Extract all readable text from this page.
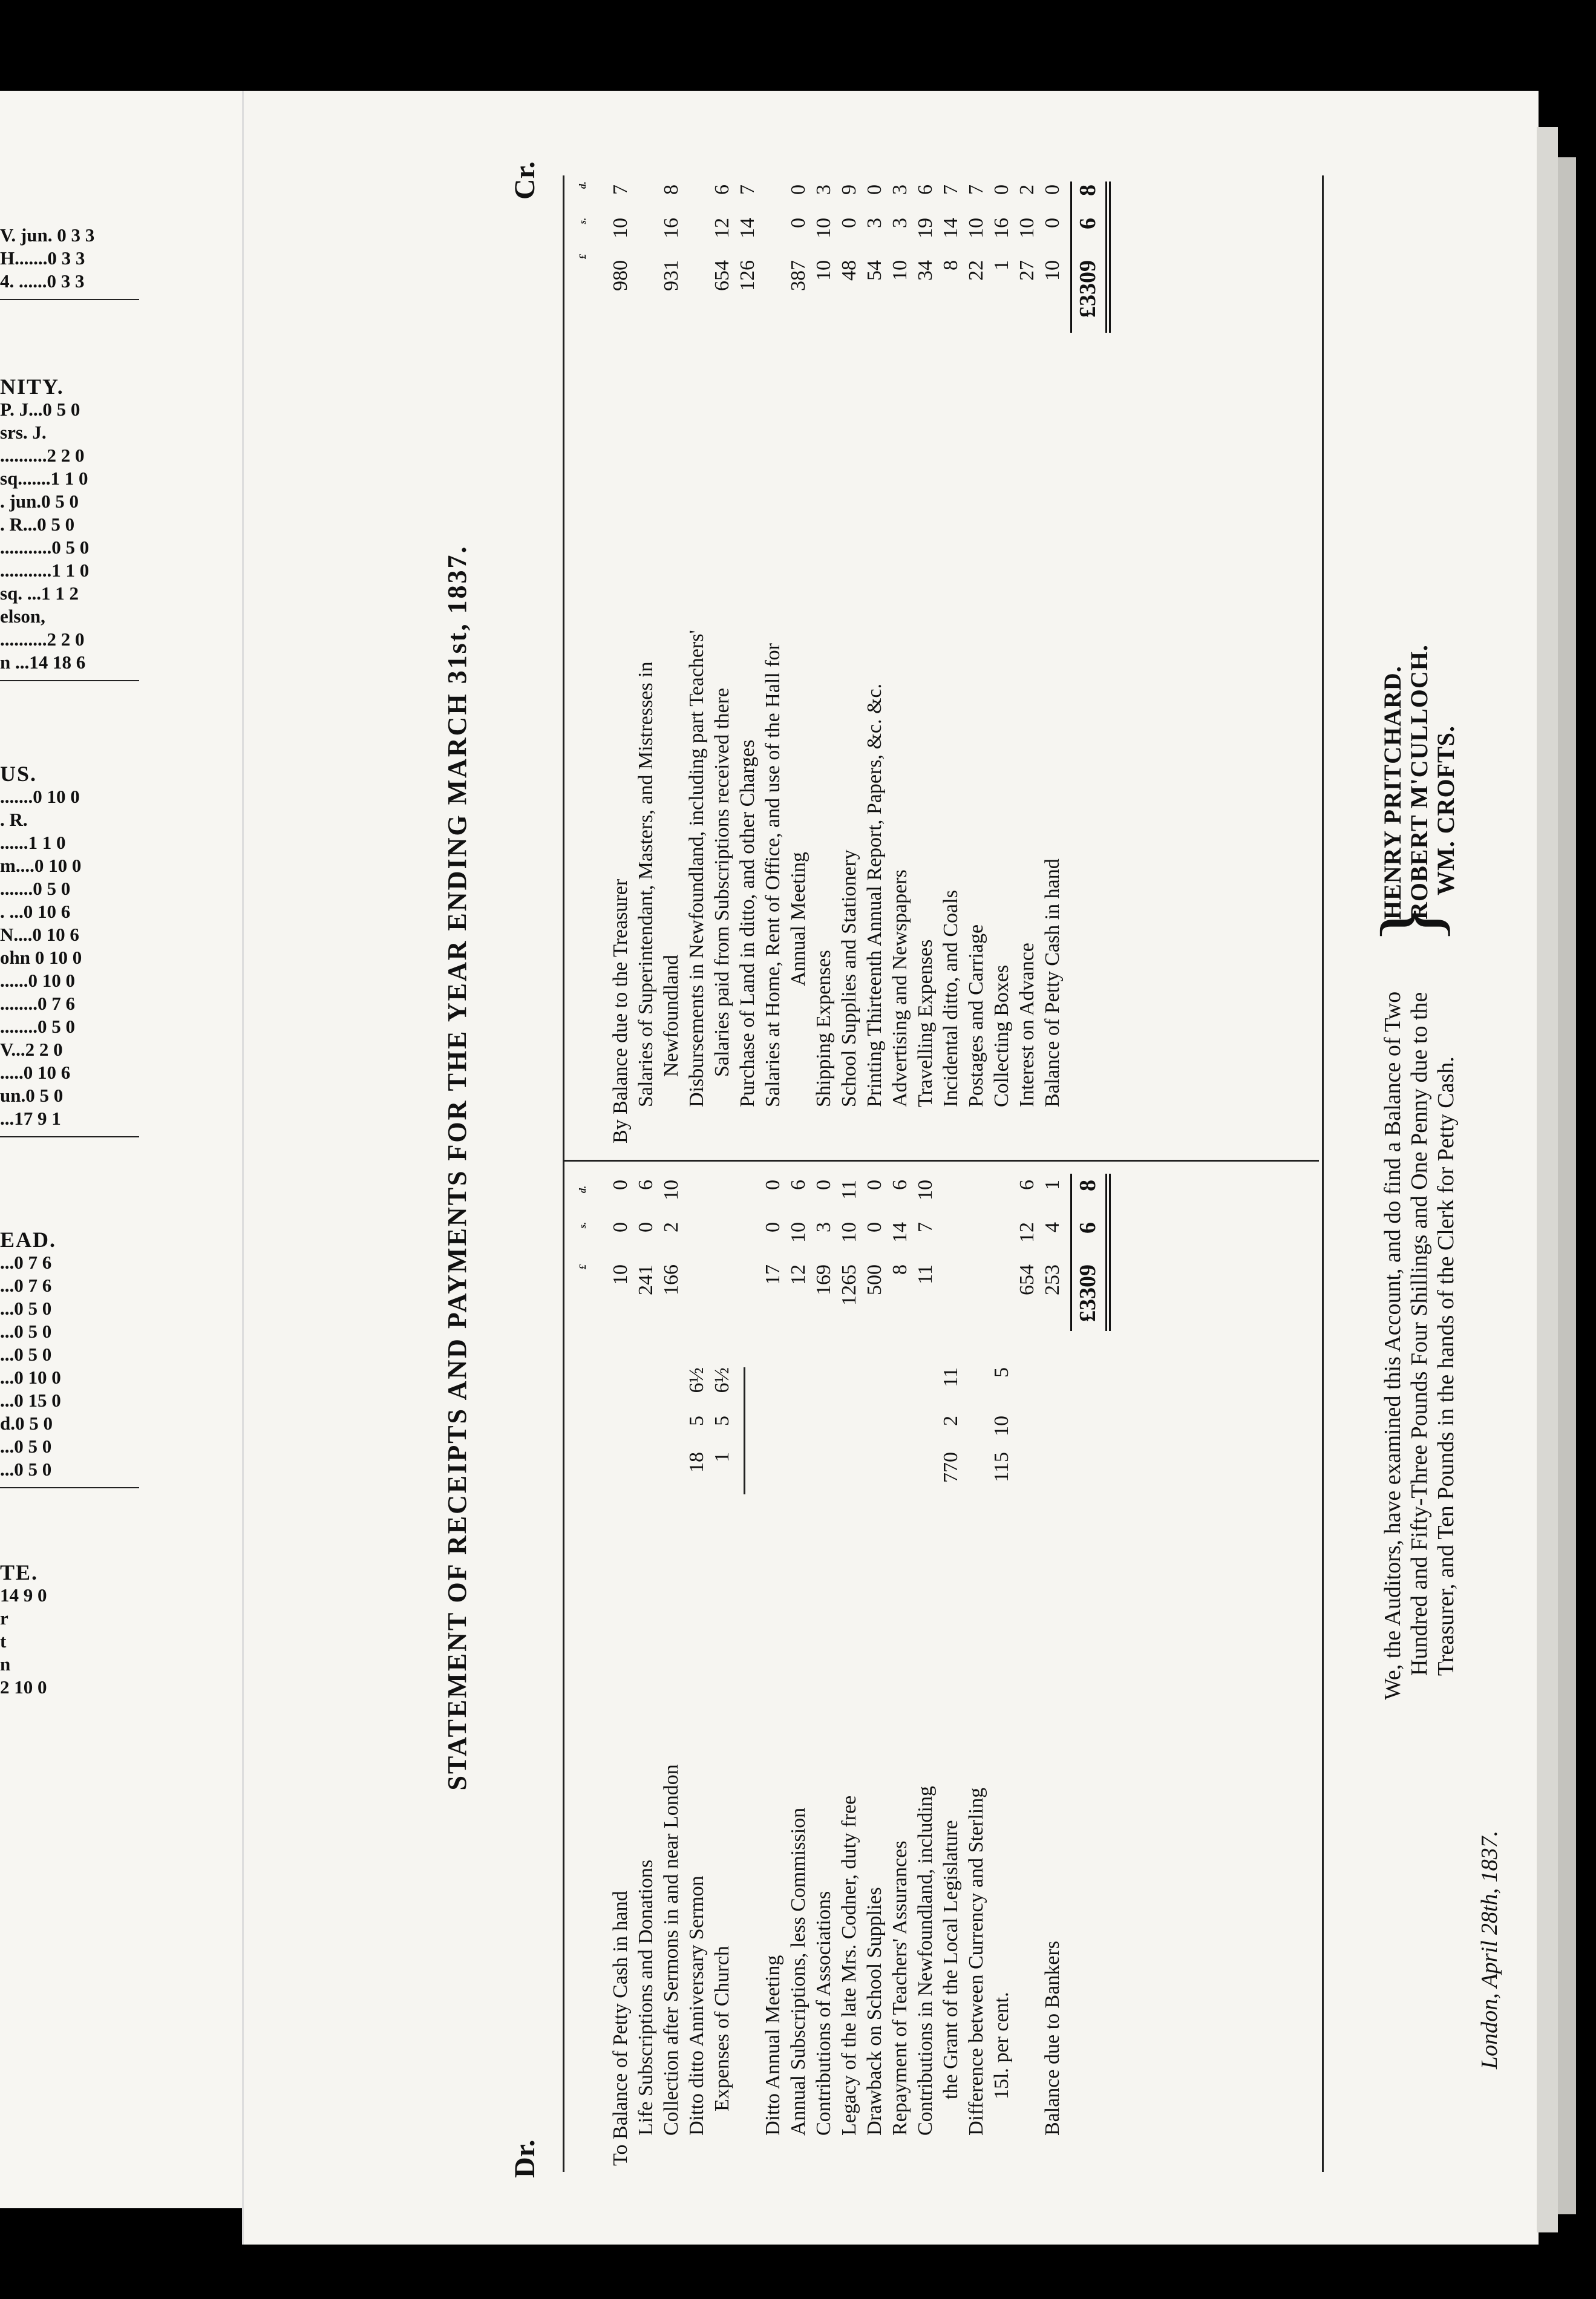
V. jun. 0 3 3
H.......0 3 3
4. ......0 3 3
NITY.
P. J...0 5 0
srs. J.
..........2 2 0
sq.......1 1 0
. jun.0 5 0
. R...0 5 0
...........0 5 0
...........1 1 0
sq. ...1 1 2
elson,
..........2 2 0
n ...14 18 6
US.
.......0 10 0
. R.
......1 1 0
m....0 10 0
.......0 5 0
. ...0 10 6
N....0 10 6
ohn 0 10 0
......0 10 0
........0 7 6
........0 5 0
V...2 2 0
.....0 10 6
un.0 5 0
...17 9 1
EAD.
...0 7 6
...0 7 6
...0 5 0
...0 5 0
...0 5 0
...0 10 0
...0 15 0
d.0 5 0
...0 5 0
...0 5 0
TE.
14 9 0
r
t
n
2 10 0	STATEMENT OF RECEIPTS AND PAYMENTS FOR THE YEAR ENDING MARCH 31st, 1837.
Dr.
Cr.
£
s.
d.
£
s.
d.
To Balance of Petty Cash in hand
10
0
0
Life Subscriptions and Donations
241
0
6
Collection after Sermons in and near London
166
2
10
Ditto ditto Anniversary Sermon
18
5
6½
Expenses of Church
1
5
6½
Ditto Annual Meeting
17
0
0
Annual Subscriptions, less Commission
12
10
6
Contributions of Associations
169
3
0
Legacy of the late Mrs. Codner, duty free
1265
10
11
Drawback on School Supplies
500
0
0
Repayment of Teachers' Assurances
8
14
6
Contributions in Newfoundland, including
11
7
10
the Grant of the Local Legislature
770
2
11
Difference between Currency and Sterling 15l. per cent.
115
10
5
654
12
6
Balance due to Bankers
253
4
1
£3309
6
8
By Balance due to the Treasurer
980
10
7
Salaries of Superintendant, Masters, and Mistresses in Newfoundland
931
16
8
Disbursements in Newfoundland, including part Teachers' Salaries paid from Subscriptions received there
654
12
6
Purchase of Land in ditto, and other Charges
126
14
7
Salaries at Home, Rent of Office, and use of the Hall for Annual Meeting
387
0
0
Shipping Expenses
10
10
3
School Supplies and Stationery
48
0
9
Printing Thirteenth Annual Report, Papers, &c. &c.
54
3
0
Advertising and Newspapers
10
3
3
Travelling Expenses
34
19
6
Incidental ditto, and Coals
8
14
7
Postages and Carriage
22
10
7
Collecting Boxes
1
16
0
Interest on Advance
27
10
2
Balance of Petty Cash in hand
10
0
0
£3309
6
8
We, the Auditors, have examined this Account, and do find a Balance of Two Hundred and Fifty-Three Pounds Four Shillings and One Penny due to the Treasurer, and Ten Pounds in the hands of the Clerk for Petty Cash.
}
HENRY PRITCHARD. ROBERT M'CULLOCH. WM. CROFTS.
London, April 28th, 1837.
